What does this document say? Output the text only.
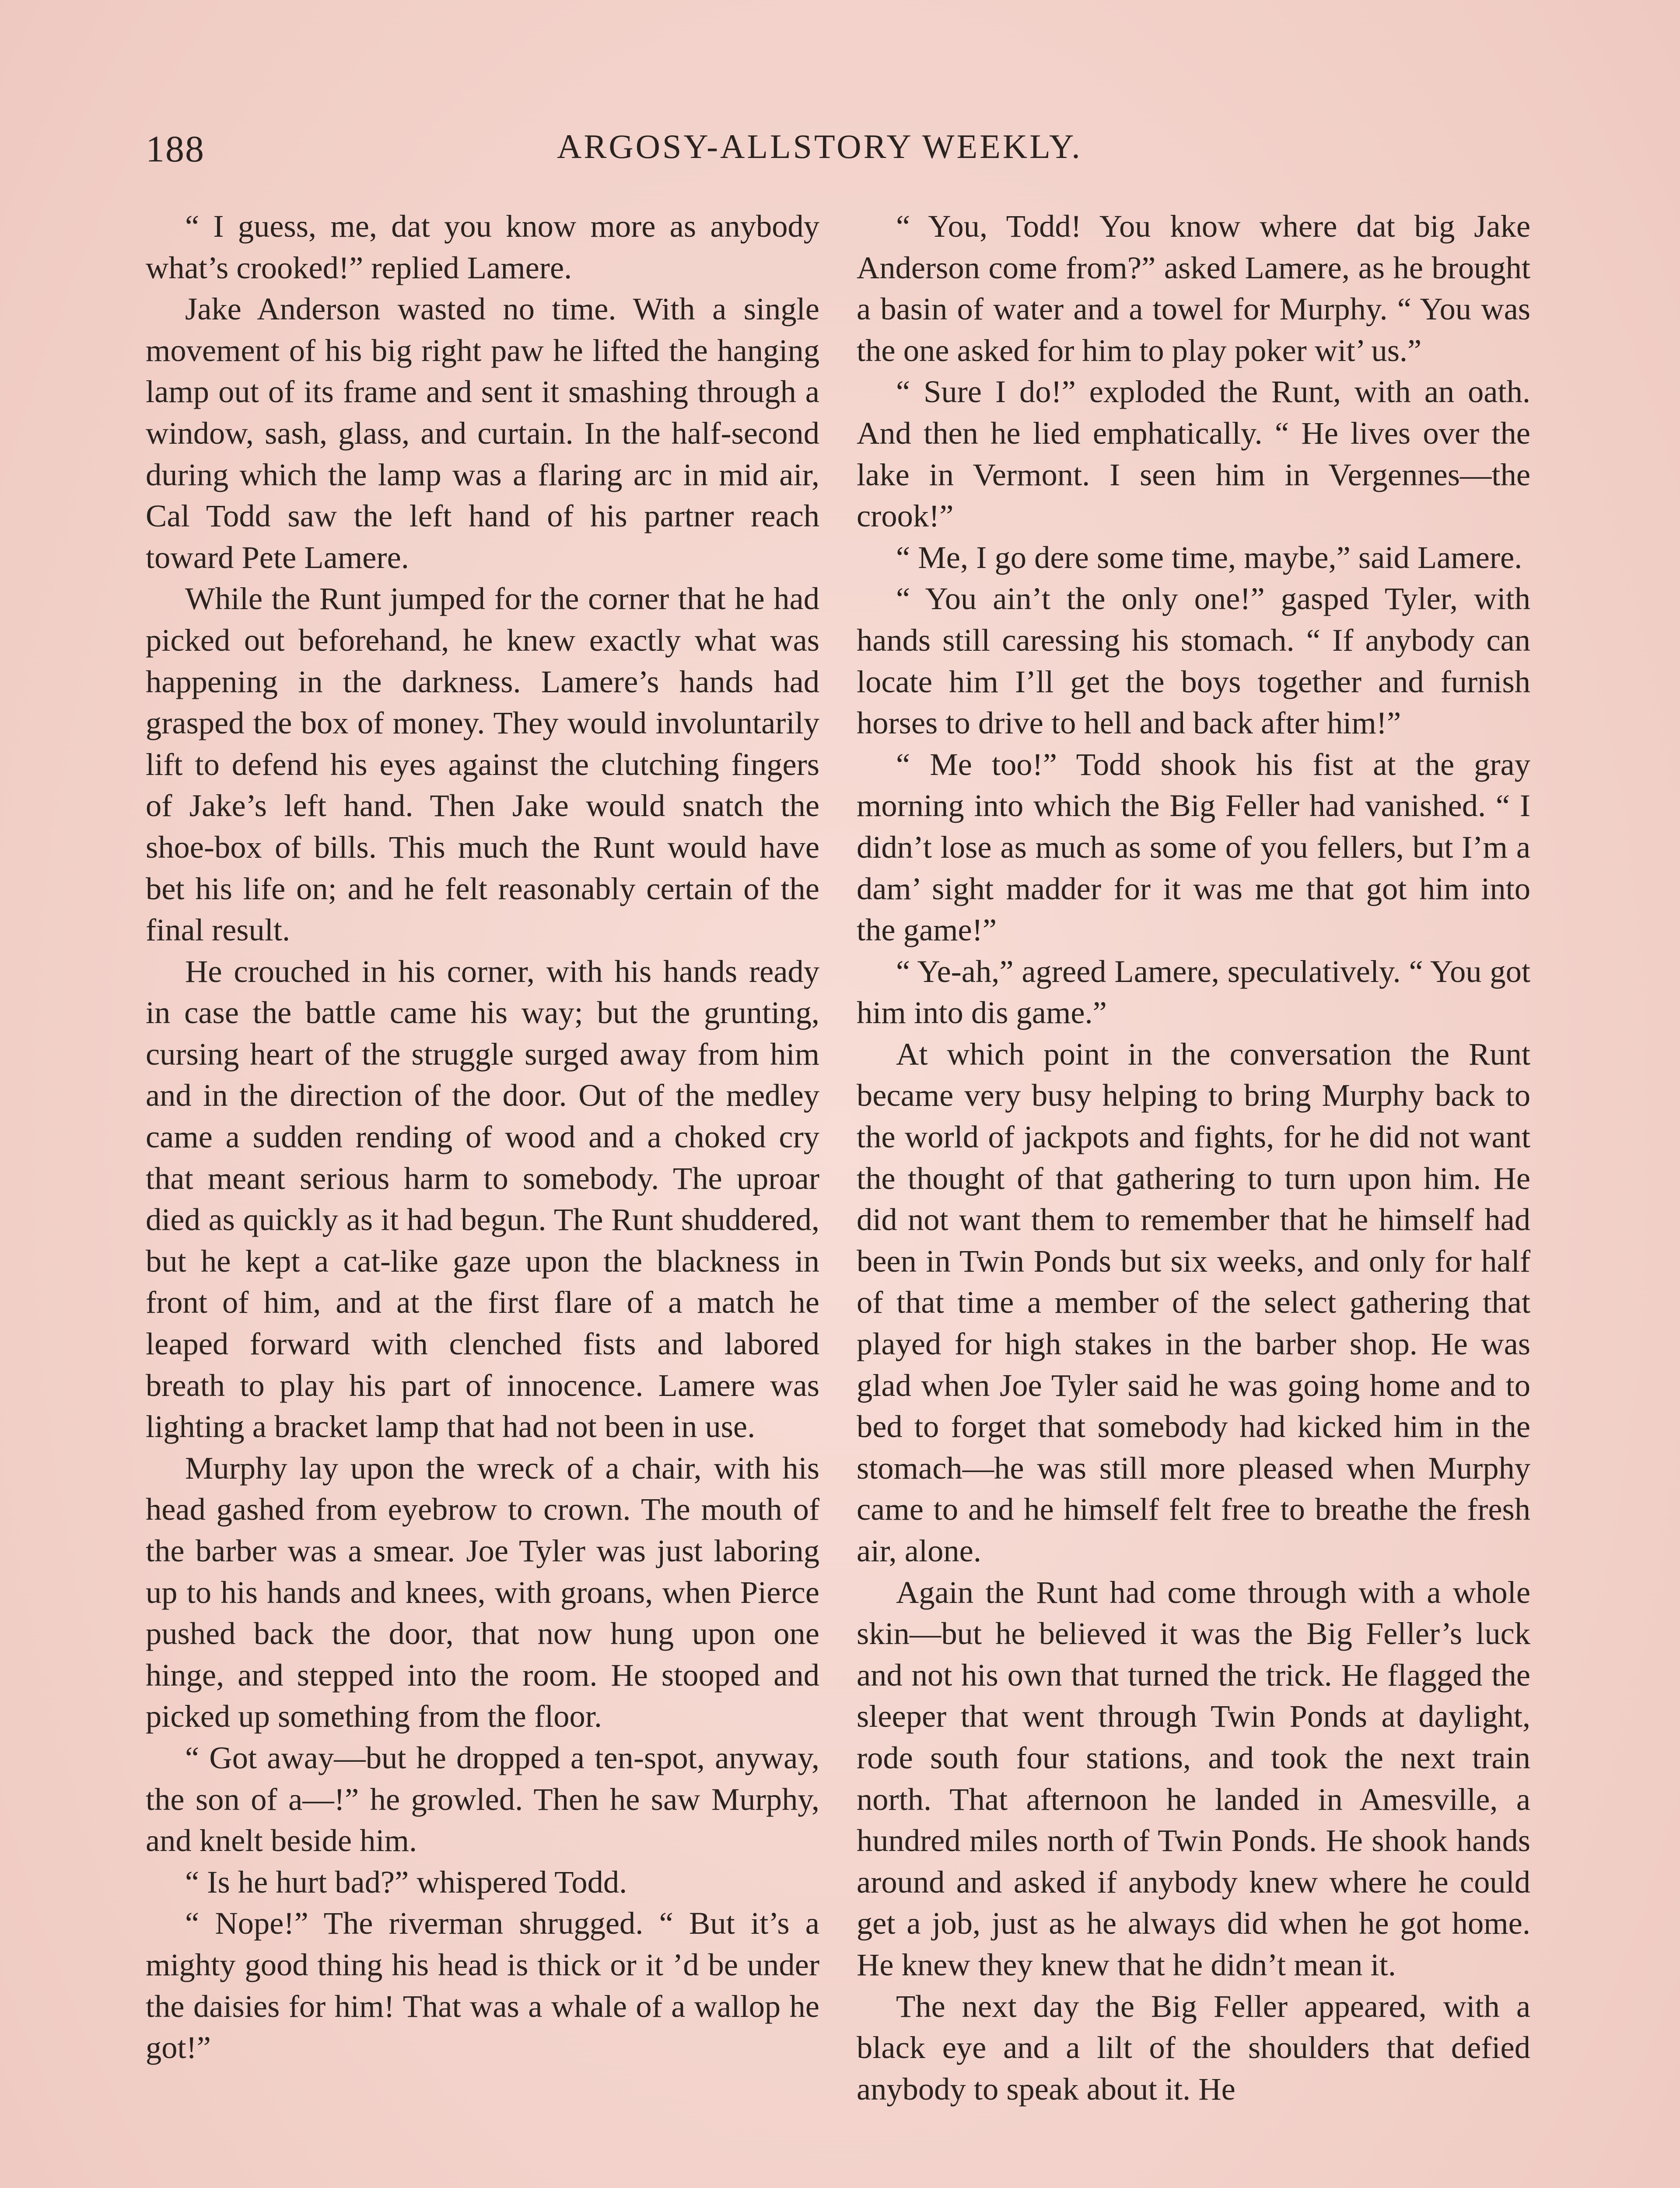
188	ARGOSY-ALLSTORY WEEKLY.

“ I guess, me, dat you know more as anybody what’s crooked!” replied Lamere.

Jake Anderson wasted no time. With a single movement of his big right paw he lifted the hanging lamp out of its frame and sent it smashing through a window, sash, glass, and curtain. In the half-second during which the lamp was a flaring arc in mid air, Cal Todd saw the left hand of his partner reach toward Pete Lamere.

While the Runt jumped for the corner that he had picked out beforehand, he knew exactly what was happening in the darkness. Lamere’s hands had grasped the box of money. They would involuntarily lift to defend his eyes against the clutching fingers of Jake’s left hand. Then Jake would snatch the shoe-box of bills. This much the Runt would have bet his life on; and he felt reasonably certain of the final result.

He crouched in his corner, with his hands ready in case the battle came his way; but the grunting, cursing heart of the struggle surged away from him and in the direction of the door. Out of the medley came a sudden rending of wood and a choked cry that meant serious harm to somebody. The uproar died as quickly as it had begun. The Runt shuddered, but he kept a cat-like gaze upon the blackness in front of him, and at the first flare of a match he leaped forward with clenched fists and labored breath to play his part of innocence. Lamere was lighting a bracket lamp that had not been in use.

Murphy lay upon the wreck of a chair, with his head gashed from eyebrow to crown. The mouth of the barber was a smear. Joe Tyler was just laboring up to his hands and knees, with groans, when Pierce pushed back the door, that now hung upon one hinge, and stepped into the room. He stooped and picked up something from the floor.

“ Got away—but he dropped a ten-spot, anyway, the son of a—!” he growled. Then he saw Murphy, and knelt beside him.

“ Is he hurt bad?” whispered Todd.

“ Nope!” The riverman shrugged. “ But it’s a mighty good thing his head is thick or it ’d be under the daisies for him! That was a whale of a wallop he got!”

“ You, Todd! You know where dat big Jake Anderson come from?” asked Lamere, as he brought a basin of water and a towel for Murphy. “ You was the one asked for him to play poker wit’ us.”

“ Sure I do!” exploded the Runt, with an oath. And then he lied emphatically. “ He lives over the lake in Vermont. I seen him in Vergennes—the crook!”

“ Me, I go dere some time, maybe,” said Lamere.

“ You ain’t the only one!” gasped Tyler, with hands still caressing his stomach. “ If anybody can locate him I’ll get the boys together and furnish horses to drive to hell and back after him!”

“ Me too!” Todd shook his fist at the gray morning into which the Big Feller had vanished. “ I didn’t lose as much as some of you fellers, but I’m a dam’ sight madder for it was me that got him into the game!”

“ Ye-ah,” agreed Lamere, speculatively. “ You got him into dis game.”

At which point in the conversation the Runt became very busy helping to bring Murphy back to the world of jackpots and fights, for he did not want the thought of that gathering to turn upon him. He did not want them to remember that he himself had been in Twin Ponds but six weeks, and only for half of that time a member of the select gathering that played for high stakes in the barber shop. He was glad when Joe Tyler said he was going home and to bed to forget that somebody had kicked him in the stomach—he was still more pleased when Murphy came to and he himself felt free to breathe the fresh air, alone.

Again the Runt had come through with a whole skin—but he believed it was the Big Feller’s luck and not his own that turned the trick. He flagged the sleeper that went through Twin Ponds at daylight, rode south four stations, and took the next train north. That afternoon he landed in Amesville, a hundred miles north of Twin Ponds. He shook hands around and asked if anybody knew where he could get a job, just as he always did when he got home. He knew they knew that he didn’t mean it.

The next day the Big Feller appeared, with a black eye and a lilt of the shoulders that defied anybody to speak about it. He
